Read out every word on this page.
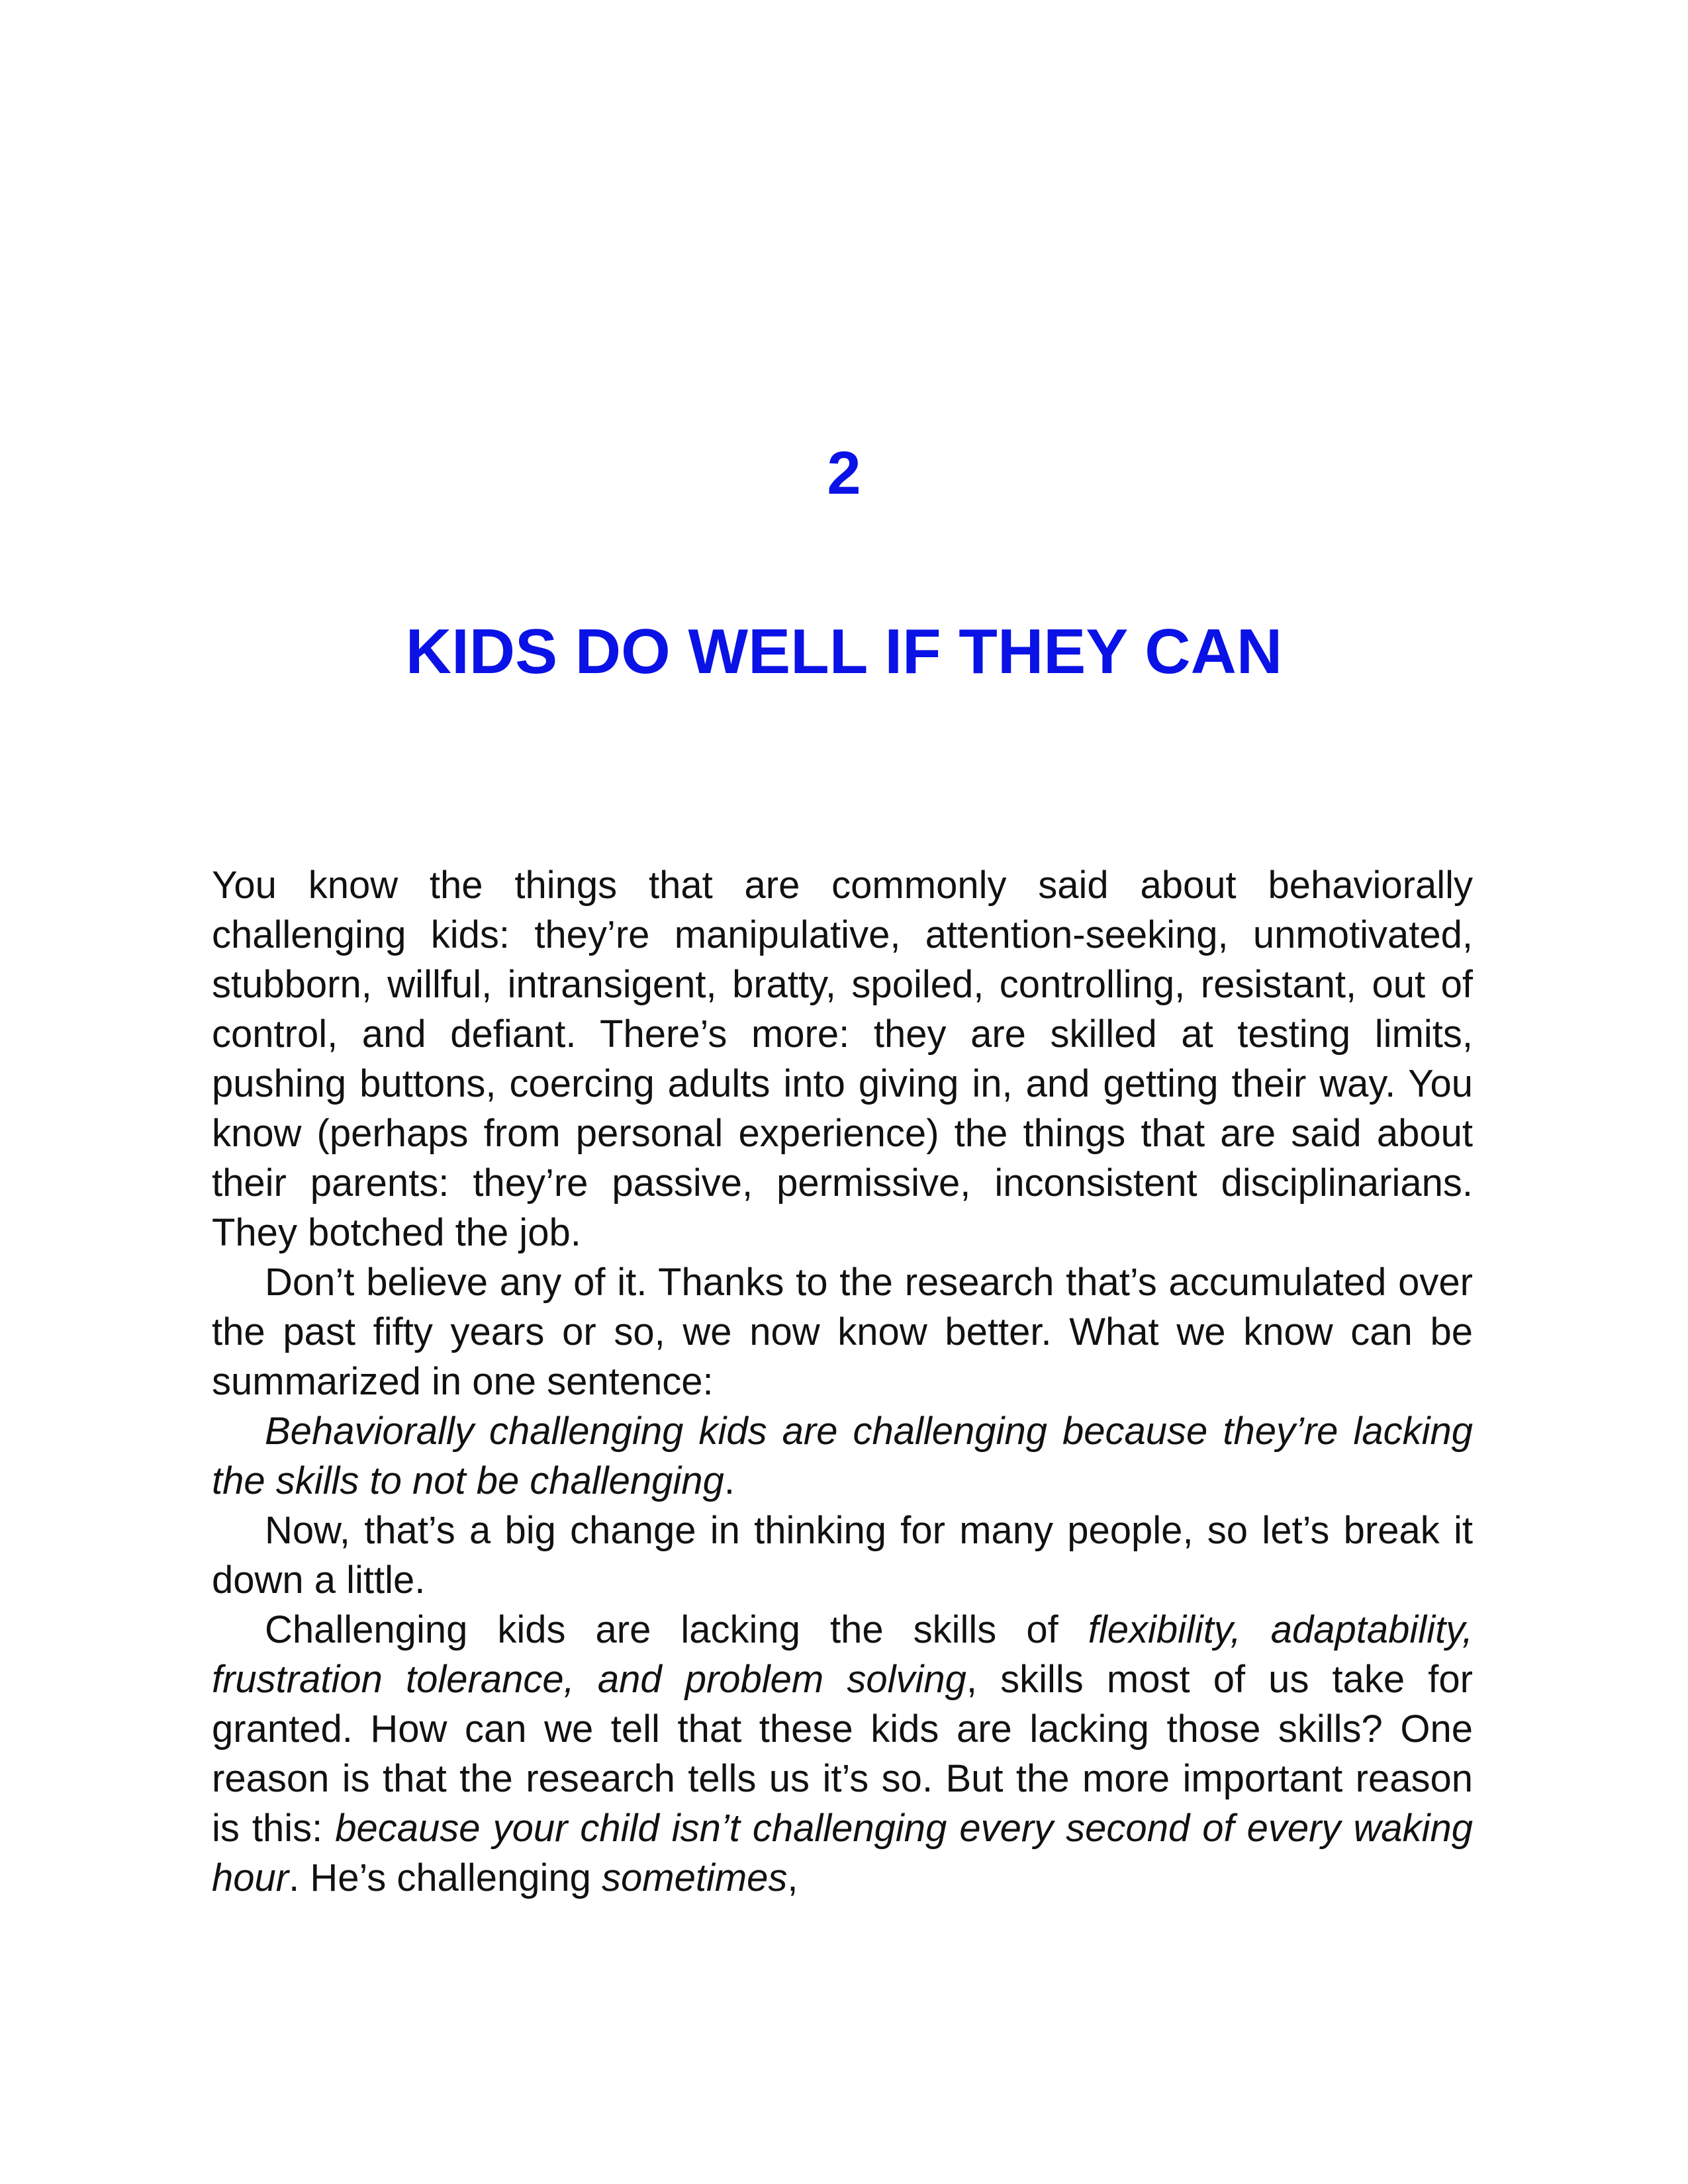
2
KIDS DO WELL IF THEY CAN

You know the things that are commonly said about behaviorally challenging kids: they’re manipulative, attention-seeking, unmotivated, stubborn, willful, intransigent, bratty, spoiled, controlling, resistant, out of control, and defiant. There’s more: they are skilled at testing limits, pushing buttons, coercing adults into giving in, and getting their way. You know (perhaps from personal experience) the things that are said about their parents: they’re passive, permissive, inconsistent disciplinarians. They botched the job.

Don’t believe any of it. Thanks to the research that’s accumulated over the past fifty years or so, we now know better. What we know can be summarized in one sentence:

Behaviorally challenging kids are challenging because they’re lacking the skills to not be challenging.

Now, that’s a big change in thinking for many people, so let’s break it down a little.

Challenging kids are lacking the skills of flexibility, adaptability, frustration tolerance, and problem solving, skills most of us take for granted. How can we tell that these kids are lacking those skills? One reason is that the research tells us it’s so. But the more important reason is this: because your child isn’t challenging every second of every waking hour. He’s challenging sometimes,
